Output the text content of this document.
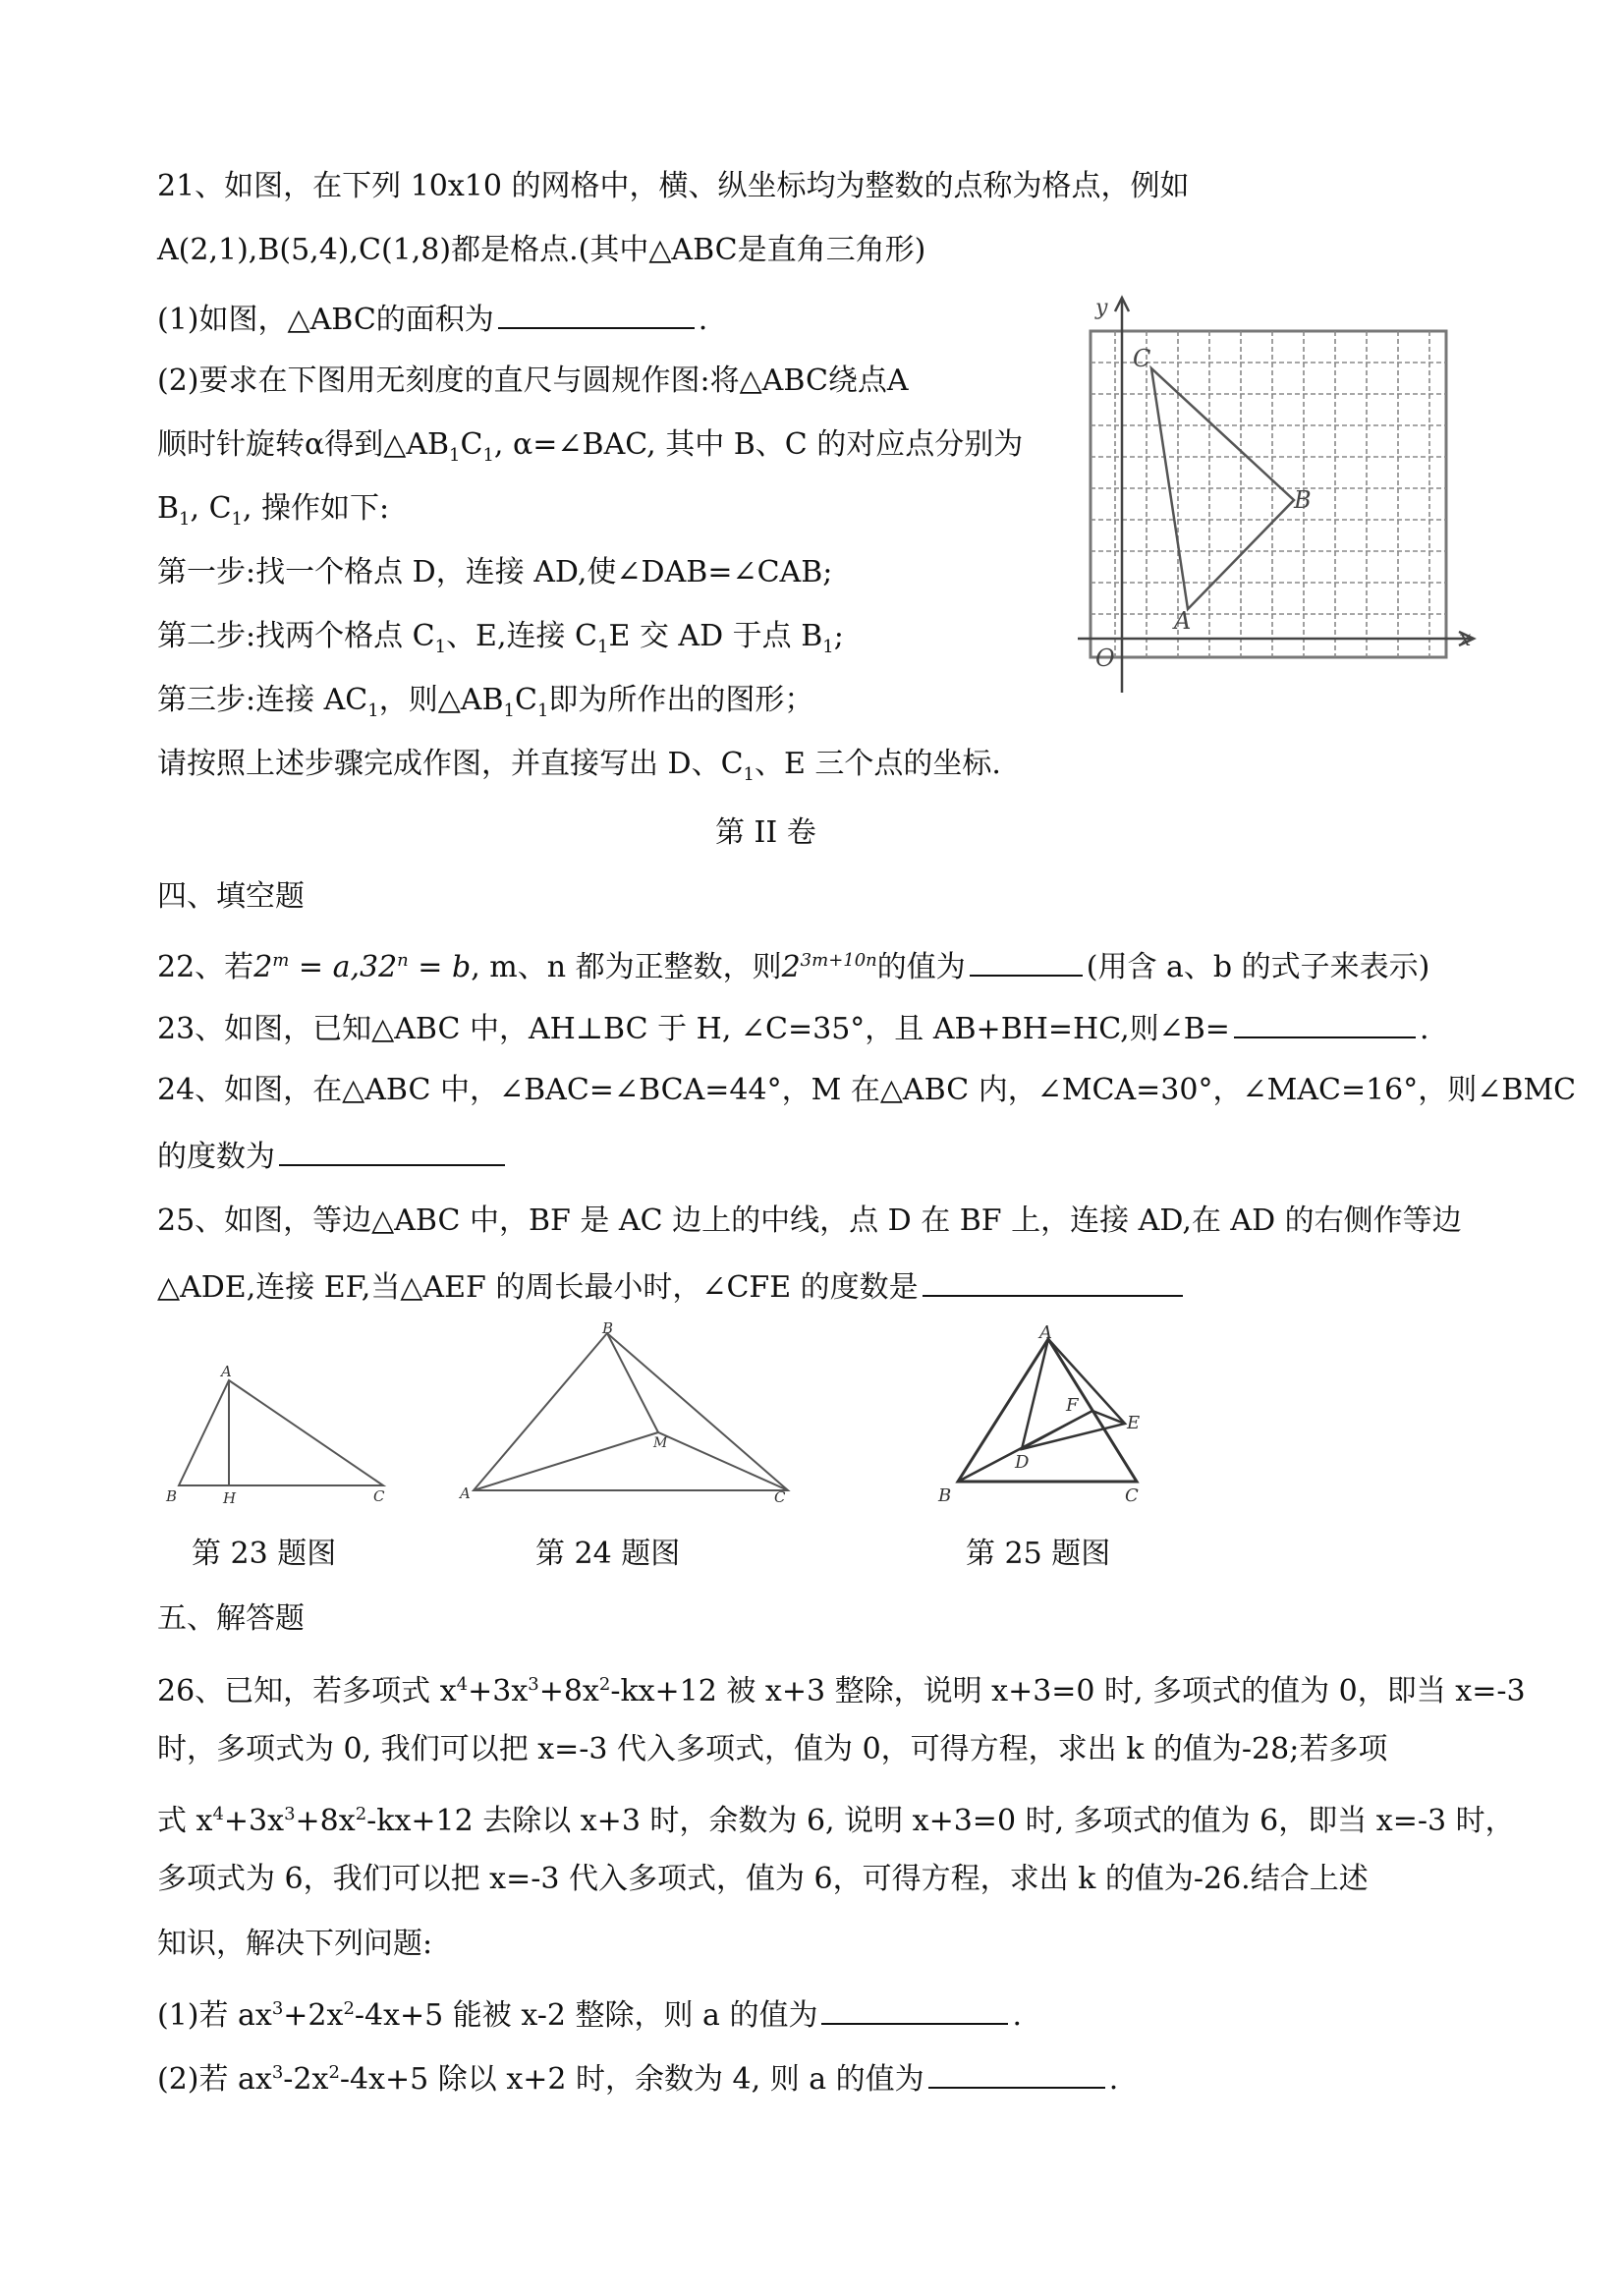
21、如图，在下列 10x10 的网格中，横、纵坐标均为整数的点称为格点，例如
A(2,1),B(5,4),C(1,8)都是格点.(其中△ABC是直角三角形)
(1)如图，△ABC的面积为	.
(2)要求在下图用无刻度的直尺与圆规作图:将△ABC绕点A
顺时针旋转α得到$\triangle AB_1C_1$, α=∠BAC, 其中 B、C 的对应点分别为
$B_1$, $C_1$, 操作如下:
第一步:找一个格点 D，连接 AD,使∠DAB=∠CAB;
第二步:找两个格点 $C_1$、E,连接 $C_1E$ 交 AD 于点 $B_1$;
第三步:连接 $AC_1$，则$\triangle AB_1C_1$即为所作出的图形；
请按照上述步骤完成作图，并直接写出 D、$C_1$、E 三个点的坐标.
y
x
O
C
B
A
第 II 卷
四、填空题
22、若$2^m = a,32^n = b$, m、n 都为正整数，则$2^{3m+10n}$的值为	(用含 a、b 的式子来表示)
23、如图，已知△ABC 中，AH⊥BC 于 H, ∠C=35°，且 AB+BH=HC,则∠B=	.
24、如图，在△ABC 中，∠BAC=∠BCA=44°，M 在△ABC 内，∠MCA=30°，∠MAC=16°，则∠BMC
的度数为
25、如图，等边△ABC 中，BF 是 AC 边上的中线，点 D 在 BF 上，连接 AD,在 AD 的右侧作等边
△ADE,连接 EF,当△AEF 的周长最小时，∠CFE 的度数是
A
B	H	C
第 23 题图
B
M
A	C
第 24 题图
A
F
E
D
B	C
第 25 题图
五、解答题
26、已知，若多项式 $x^4+3x^3+8x^2-kx+12$ 被 x+3 整除，说明 x+3=0 时, 多项式的值为 0，即当 x=-3
时，多项式为 0, 我们可以把 x=-3 代入多项式，值为 0，可得方程，求出 k 的值为-28;若多项
式 $x^4+3x^3+8x^2-kx+12$ 去除以 x+3 时，余数为 6, 说明 x+3=0 时, 多项式的值为 6，即当 x=-3 时，
多项式为 6，我们可以把 x=-3 代入多项式，值为 6，可得方程，求出 k 的值为-26.结合上述
知识，解决下列问题:
(1)若 $ax^3+2x^2-4x+5$ 能被 x-2 整除，则 a 的值为	.
(2)若 $ax^3-2x^2-4x+5$ 除以 x+2 时，余数为 4, 则 a 的值为	.
